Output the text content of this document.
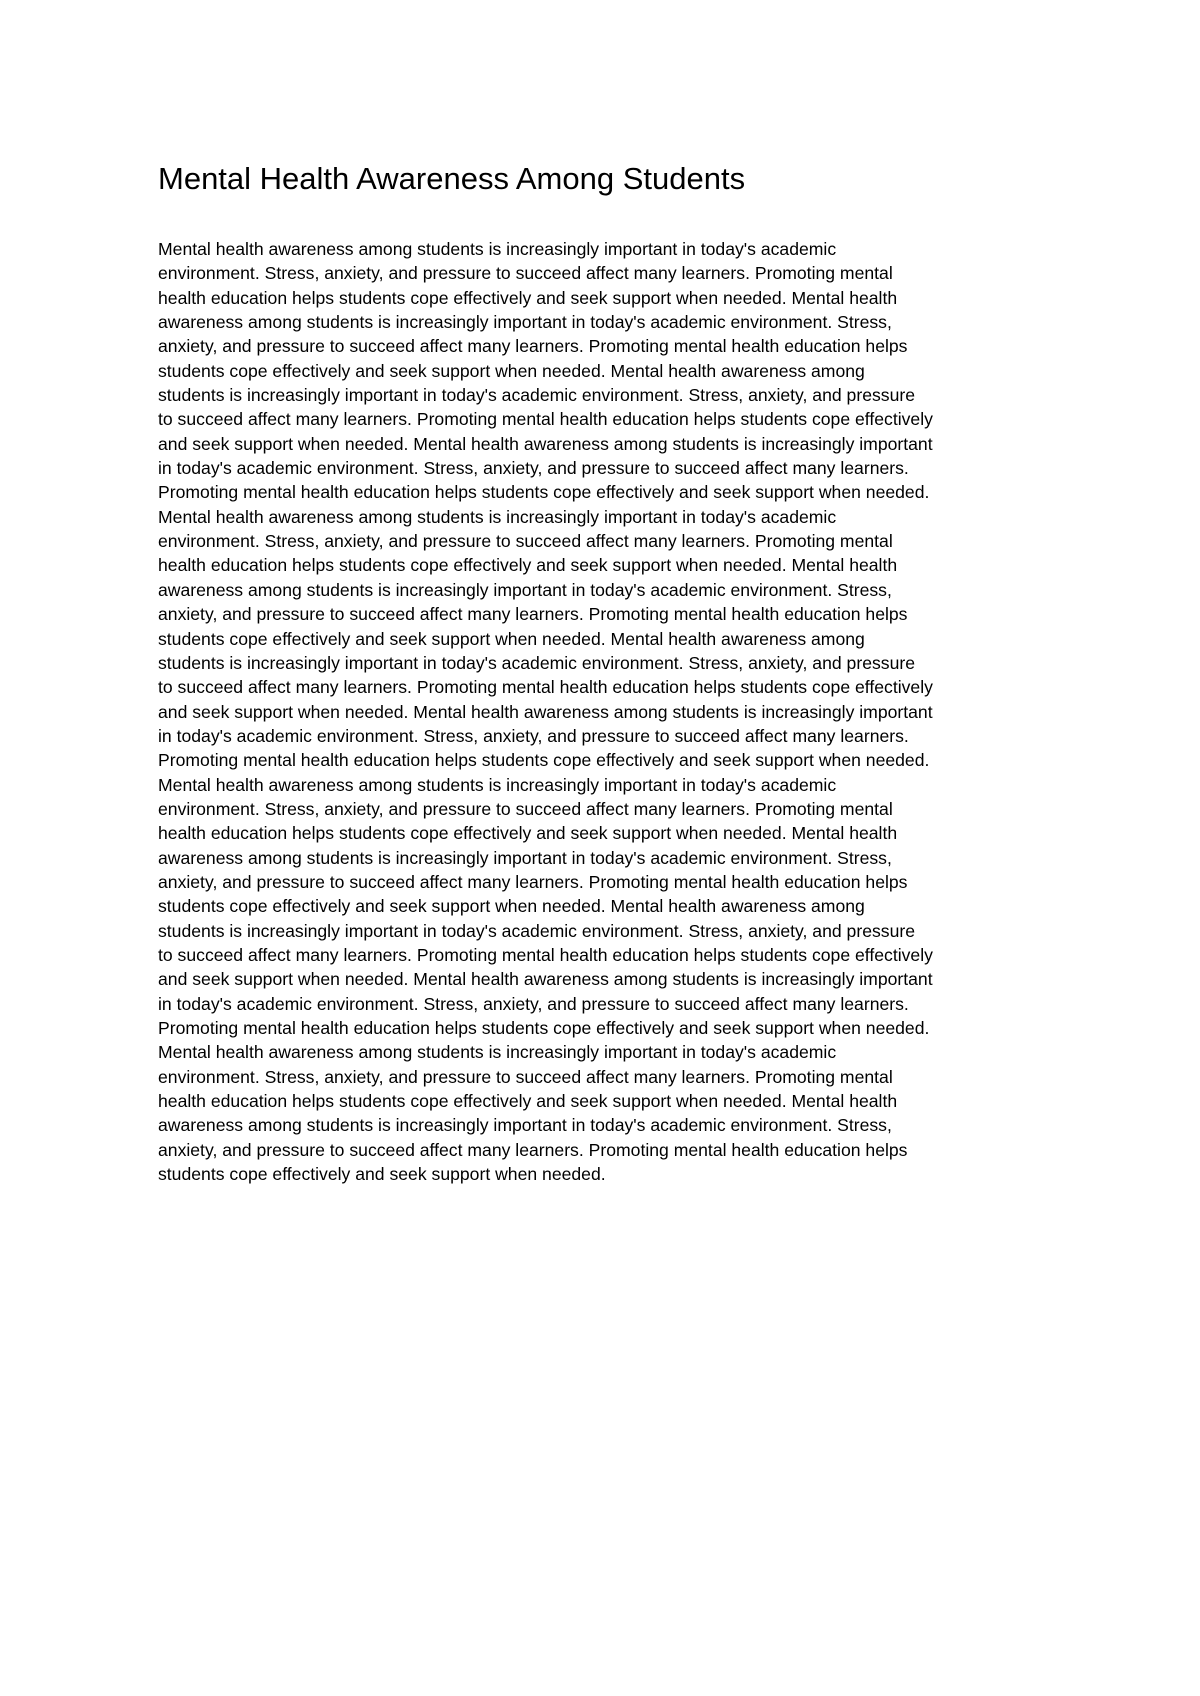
Mental Health Awareness Among Students
Mental health awareness among students is increasingly important in today's academic
environment. Stress, anxiety, and pressure to succeed affect many learners. Promoting mental
health education helps students cope effectively and seek support when needed. Mental health
awareness among students is increasingly important in today's academic environment. Stress,
anxiety, and pressure to succeed affect many learners. Promoting mental health education helps
students cope effectively and seek support when needed. Mental health awareness among
students is increasingly important in today's academic environment. Stress, anxiety, and pressure
to succeed affect many learners. Promoting mental health education helps students cope effectively
and seek support when needed. Mental health awareness among students is increasingly important
in today's academic environment. Stress, anxiety, and pressure to succeed affect many learners.
Promoting mental health education helps students cope effectively and seek support when needed.
Mental health awareness among students is increasingly important in today's academic
environment. Stress, anxiety, and pressure to succeed affect many learners. Promoting mental
health education helps students cope effectively and seek support when needed. Mental health
awareness among students is increasingly important in today's academic environment. Stress,
anxiety, and pressure to succeed affect many learners. Promoting mental health education helps
students cope effectively and seek support when needed. Mental health awareness among
students is increasingly important in today's academic environment. Stress, anxiety, and pressure
to succeed affect many learners. Promoting mental health education helps students cope effectively
and seek support when needed. Mental health awareness among students is increasingly important
in today's academic environment. Stress, anxiety, and pressure to succeed affect many learners.
Promoting mental health education helps students cope effectively and seek support when needed.
Mental health awareness among students is increasingly important in today's academic
environment. Stress, anxiety, and pressure to succeed affect many learners. Promoting mental
health education helps students cope effectively and seek support when needed. Mental health
awareness among students is increasingly important in today's academic environment. Stress,
anxiety, and pressure to succeed affect many learners. Promoting mental health education helps
students cope effectively and seek support when needed. Mental health awareness among
students is increasingly important in today's academic environment. Stress, anxiety, and pressure
to succeed affect many learners. Promoting mental health education helps students cope effectively
and seek support when needed. Mental health awareness among students is increasingly important
in today's academic environment. Stress, anxiety, and pressure to succeed affect many learners.
Promoting mental health education helps students cope effectively and seek support when needed.
Mental health awareness among students is increasingly important in today's academic
environment. Stress, anxiety, and pressure to succeed affect many learners. Promoting mental
health education helps students cope effectively and seek support when needed. Mental health
awareness among students is increasingly important in today's academic environment. Stress,
anxiety, and pressure to succeed affect many learners. Promoting mental health education helps
students cope effectively and seek support when needed.
